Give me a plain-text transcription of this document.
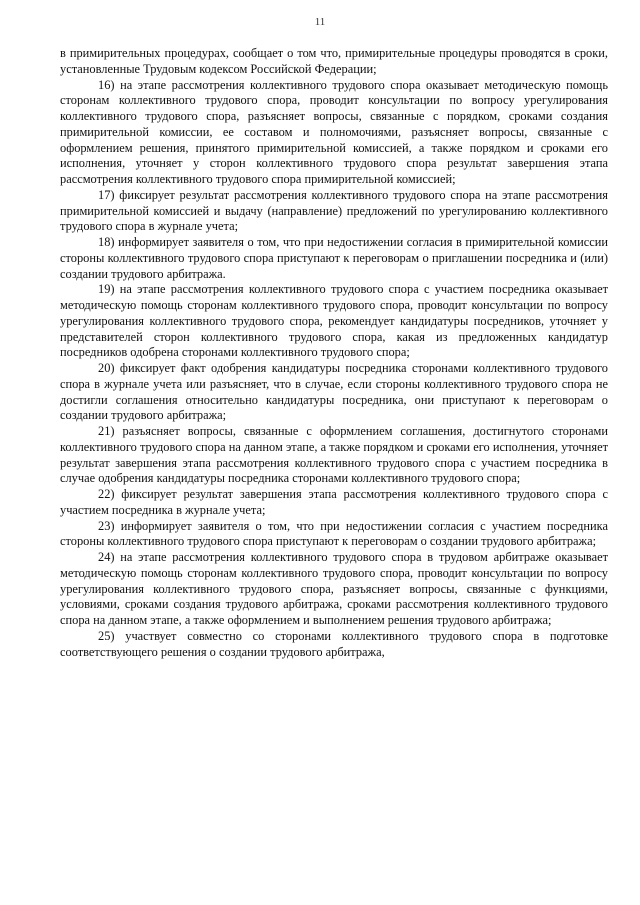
11

в примирительных процедурах, сообщает о том что, примирительные процедуры проводятся в сроки, установленные Трудовым кодексом Российской Федерации;

16) на этапе рассмотрения коллективного трудового спора оказывает методическую помощь сторонам коллективного трудового спора, проводит консультации по вопросу урегулирования коллективного трудового спора, разъясняет вопросы, связанные с порядком, сроками создания примирительной комиссии, ее составом и полномочиями, разъясняет вопросы, связанные с оформлением решения, принятого примирительной комиссией, а также порядком и сроками его исполнения, уточняет у сторон коллективного трудового спора результат завершения этапа рассмотрения коллективного трудового спора примирительной комиссией;

17) фиксирует результат рассмотрения коллективного трудового спора на этапе рассмотрения примирительной комиссией и выдачу (направление) предложений по урегулированию коллективного трудового спора в журнале учета;

18) информирует заявителя о том, что при недостижении согласия в примирительной комиссии стороны коллективного трудового спора приступают к переговорам о приглашении посредника и (или) создании трудового арбитража.

19) на этапе рассмотрения коллективного трудового спора с участием посредника оказывает методическую помощь сторонам коллективного трудового спора, проводит консультации по вопросу урегулирования коллективного трудового спора, рекомендует кандидатуры посредников, уточняет у представителей сторон коллективного трудового спора, какая из предложенных кандидатур посредников одобрена сторонами коллективного трудового спора;

20) фиксирует факт одобрения кандидатуры посредника сторонами коллективного трудового спора в журнале учета или разъясняет, что в случае, если стороны коллективного трудового спора не достигли соглашения относительно кандидатуры посредника, они приступают к переговорам о создании трудового арбитража;

21) разъясняет вопросы, связанные с оформлением соглашения, достигнутого сторонами коллективного трудового спора на данном этапе, а также порядком и сроками его исполнения, уточняет результат завершения этапа рассмотрения коллективного трудового спора с участием посредника в случае одобрения кандидатуры посредника сторонами коллективного трудового спора;

22) фиксирует результат завершения этапа рассмотрения коллективного трудового спора с участием посредника в журнале учета;

23) информирует заявителя о том, что при недостижении согласия с участием посредника стороны коллективного трудового спора приступают к переговорам о создании трудового арбитража;

24) на этапе рассмотрения коллективного трудового спора в трудовом арбитраже оказывает методическую помощь сторонам коллективного трудового спора, проводит консультации по вопросу урегулирования коллективного трудового спора, разъясняет вопросы, связанные с функциями, условиями, сроками создания трудового арбитража, сроками рассмотрения коллективного трудового спора на данном этапе, а также оформлением и выполнением решения трудового арбитража;

25) участвует совместно со сторонами коллективного трудового спора в подготовке соответствующего решения о создании трудового арбитража,
